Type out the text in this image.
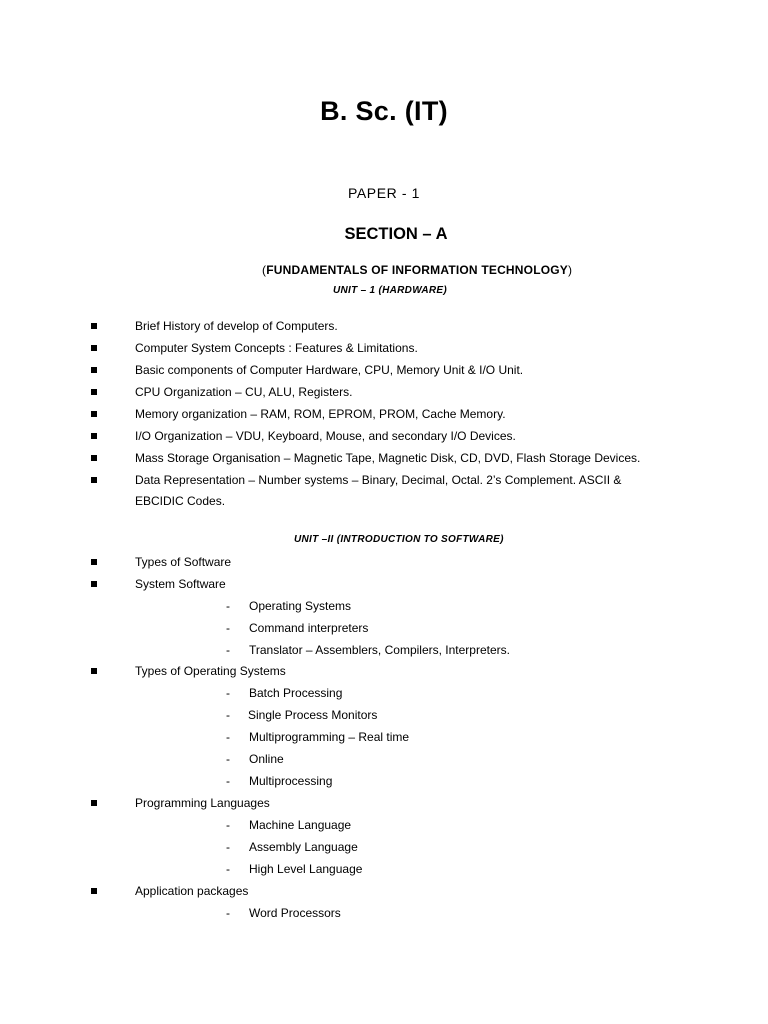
B. Sc. (IT)
PAPER - 1
SECTION – A
(FUNDAMENTALS OF INFORMATION TECHNOLOGY)
UNIT – 1 (HARDWARE)
Brief History of develop of Computers.
Computer System Concepts : Features & Limitations.
Basic components of Computer Hardware, CPU, Memory Unit & I/O Unit.
CPU Organization – CU, ALU, Registers.
Memory organization – RAM, ROM, EPROM, PROM, Cache Memory.
I/O Organization – VDU, Keyboard, Mouse, and secondary I/O Devices.
Mass Storage Organisation – Magnetic Tape, Magnetic Disk, CD, DVD, Flash Storage Devices.
Data Representation – Number systems – Binary, Decimal, Octal. 2’s Complement. ASCII & EBCIDIC Codes.
UNIT –II (INTRODUCTION TO SOFTWARE)
Types of Software
System Software
- Operating Systems
- Command interpreters
- Translator – Assemblers, Compilers, Interpreters.
Types of Operating Systems
- Batch Processing
- Single Process Monitors
- Multiprogramming – Real time
- Online
- Multiprocessing
Programming Languages
- Machine Language
- Assembly Language
- High Level Language
Application packages
- Word Processors
